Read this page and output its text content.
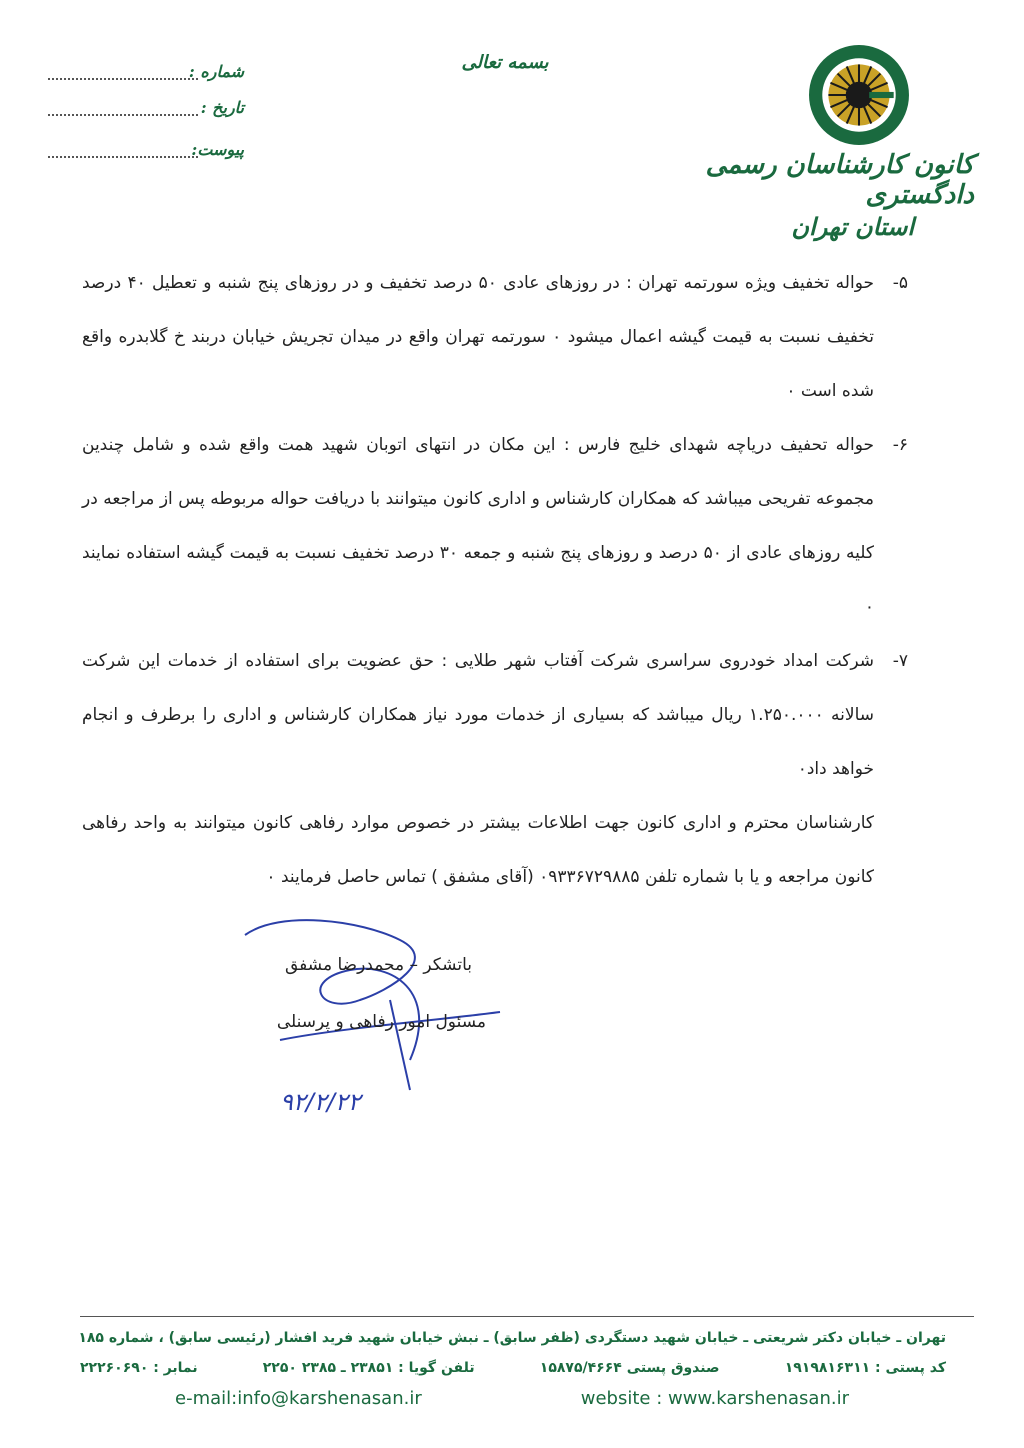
کانون کارشناسان رسمی دادگستری
استان تهران
بسمه تعالی
شماره :
تاریخ :
پیوست:

۵-
حواله تخفیف ویژه سورتمه تهران : در روزهای عادی ۵۰ درصد تخفیف و در روزهای پنج شنبه و تعطیل ۴۰ درصد تخفیف نسبت به قیمت گیشه اعمال میشود ٠ سورتمه تهران واقع در میدان تجریش خیابان دربند خ گلابدره واقع شده است ٠

۶-
حواله تحفیف دریاچه شهدای خلیج فارس : این مکان در انتهای اتوبان شهید همت واقع شده و شامل چندین مجموعه تفریحی میباشد که همکاران کارشناس و اداری کانون میتوانند با دریافت حواله مربوطه پس از مراجعه در کلیه روزهای عادی از ۵۰ درصد و روزهای پنج شنبه و جمعه ۳۰ درصد تخفیف نسبت به قیمت گیشه استفاده نمایند ٠

۷-
شرکت امداد خودروی سراسری شرکت آفتاب شهر طلایی : حق عضویت برای استفاده از خدمات این شرکت سالانه ۱.۲۵۰.۰۰۰ ریال میباشد که بسیاری از خدمات مورد نیاز همکاران کارشناس و اداری را برطرف و انجام خواهد داد٠

کارشناسان محترم و اداری کانون جهت اطلاعات بیشتر در خصوص موارد رفاهی کانون میتوانند به واحد رفاهی کانون مراجعه و یا با شماره تلفن ۰۹۳۳۶۷۲۹۸۸۵ (آقای مشفق ) تماس حاصل فرمایند ٠

۹۲/۲/۲۲
باتشکر – محمدرضا مشفق
مسئول امور رفاهی و پرسنلی
تهران ـ خیابان دکتر شریعتی ـ خیابان شهید دستگردی (ظفر سابق) ـ نبش خیابان شهید فرید افشار (رئیسی سابق) ، شماره ۱۸۵
کد پستی : ۱۹۱۹۸۱۶۳۱۱
صندوق پستی ۱۵۸۷۵/۴۶۶۴
تلفن گویا : ۲۳۸۵۱ ـ ۲۳۸۵ ۲۲۵۰
نمابر : ۲۲۲۶۰۶۹۰
e-mail:info@karshenasan.ir	website : www.karshenasan.ir
